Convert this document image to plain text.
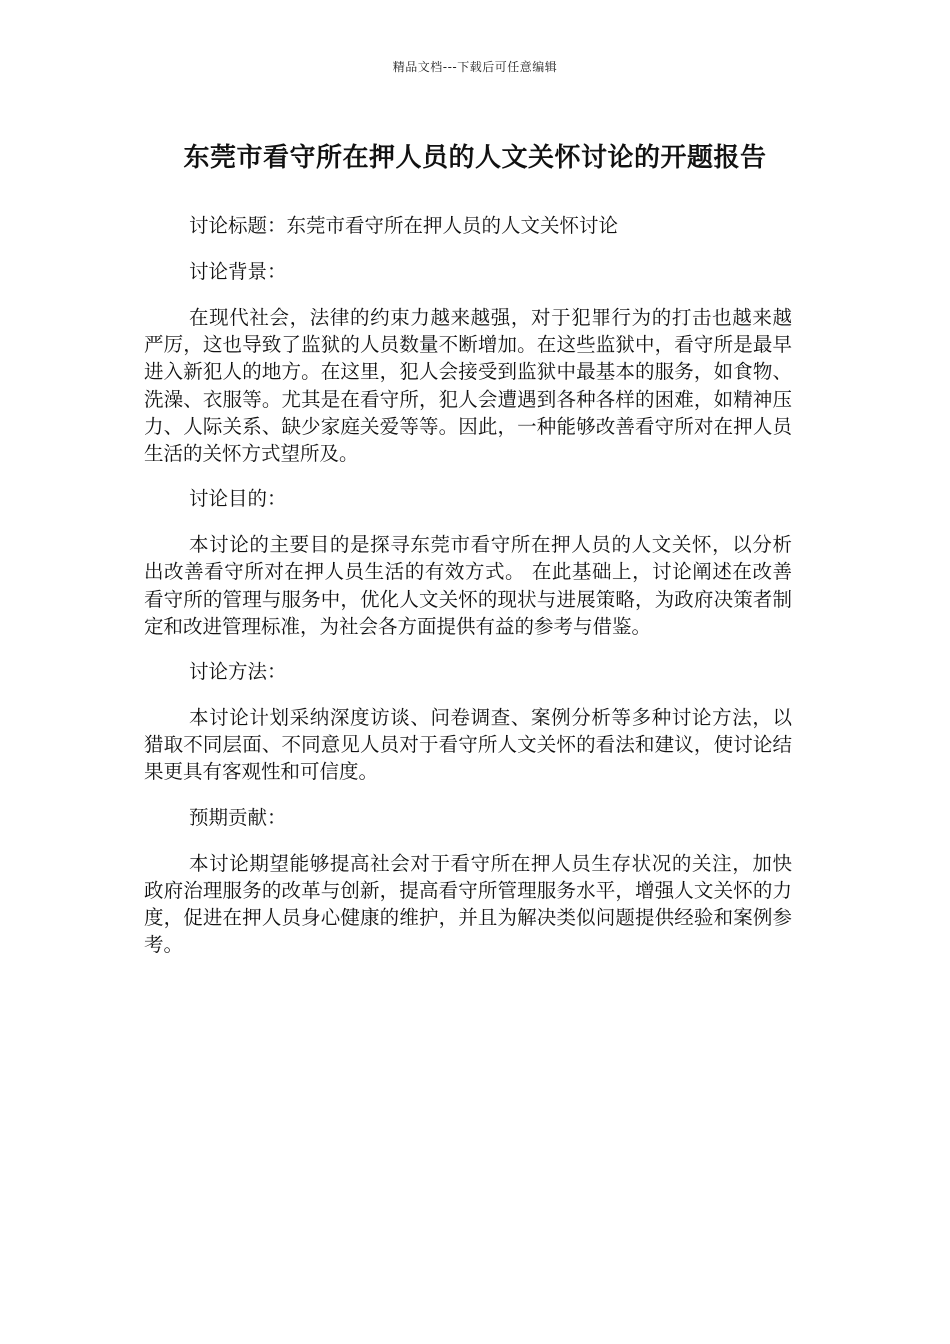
精品文档---下载后可任意编辑
东莞市看守所在押人员的人文关怀讨论的开题报告

讨论标题：东莞市看守所在押人员的人文关怀讨论

讨论背景：

在现代社会，法律的约束力越来越强，对于犯罪行为的打击也越来越严厉，这也导致了监狱的人员数量不断增加。在这些监狱中，看守所是最早进入新犯人的地方。在这里，犯人会接受到监狱中最基本的服务，如食物、洗澡、衣服等。尤其是在看守所，犯人会遭遇到各种各样的困难，如精神压力、人际关系、缺少家庭关爱等等。因此，一种能够改善看守所对在押人员生活的关怀方式望所及。

讨论目的：

本讨论的主要目的是探寻东莞市看守所在押人员的人文关怀，以分析出改善看守所对在押人员生活的有效方式。 在此基础上，讨论阐述在改善看守所的管理与服务中，优化人文关怀的现状与进展策略，为政府决策者制定和改进管理标准，为社会各方面提供有益的参考与借鉴。

讨论方法：

本讨论计划采纳深度访谈、问卷调查、案例分析等多种讨论方法，以猎取不同层面、不同意见人员对于看守所人文关怀的看法和建议，使讨论结果更具有客观性和可信度。

预期贡献：

本讨论期望能够提高社会对于看守所在押人员生存状况的关注，加快政府治理服务的改革与创新，提高看守所管理服务水平，增强人文关怀的力度，促进在押人员身心健康的维护，并且为解决类似问题提供经验和案例参考。
